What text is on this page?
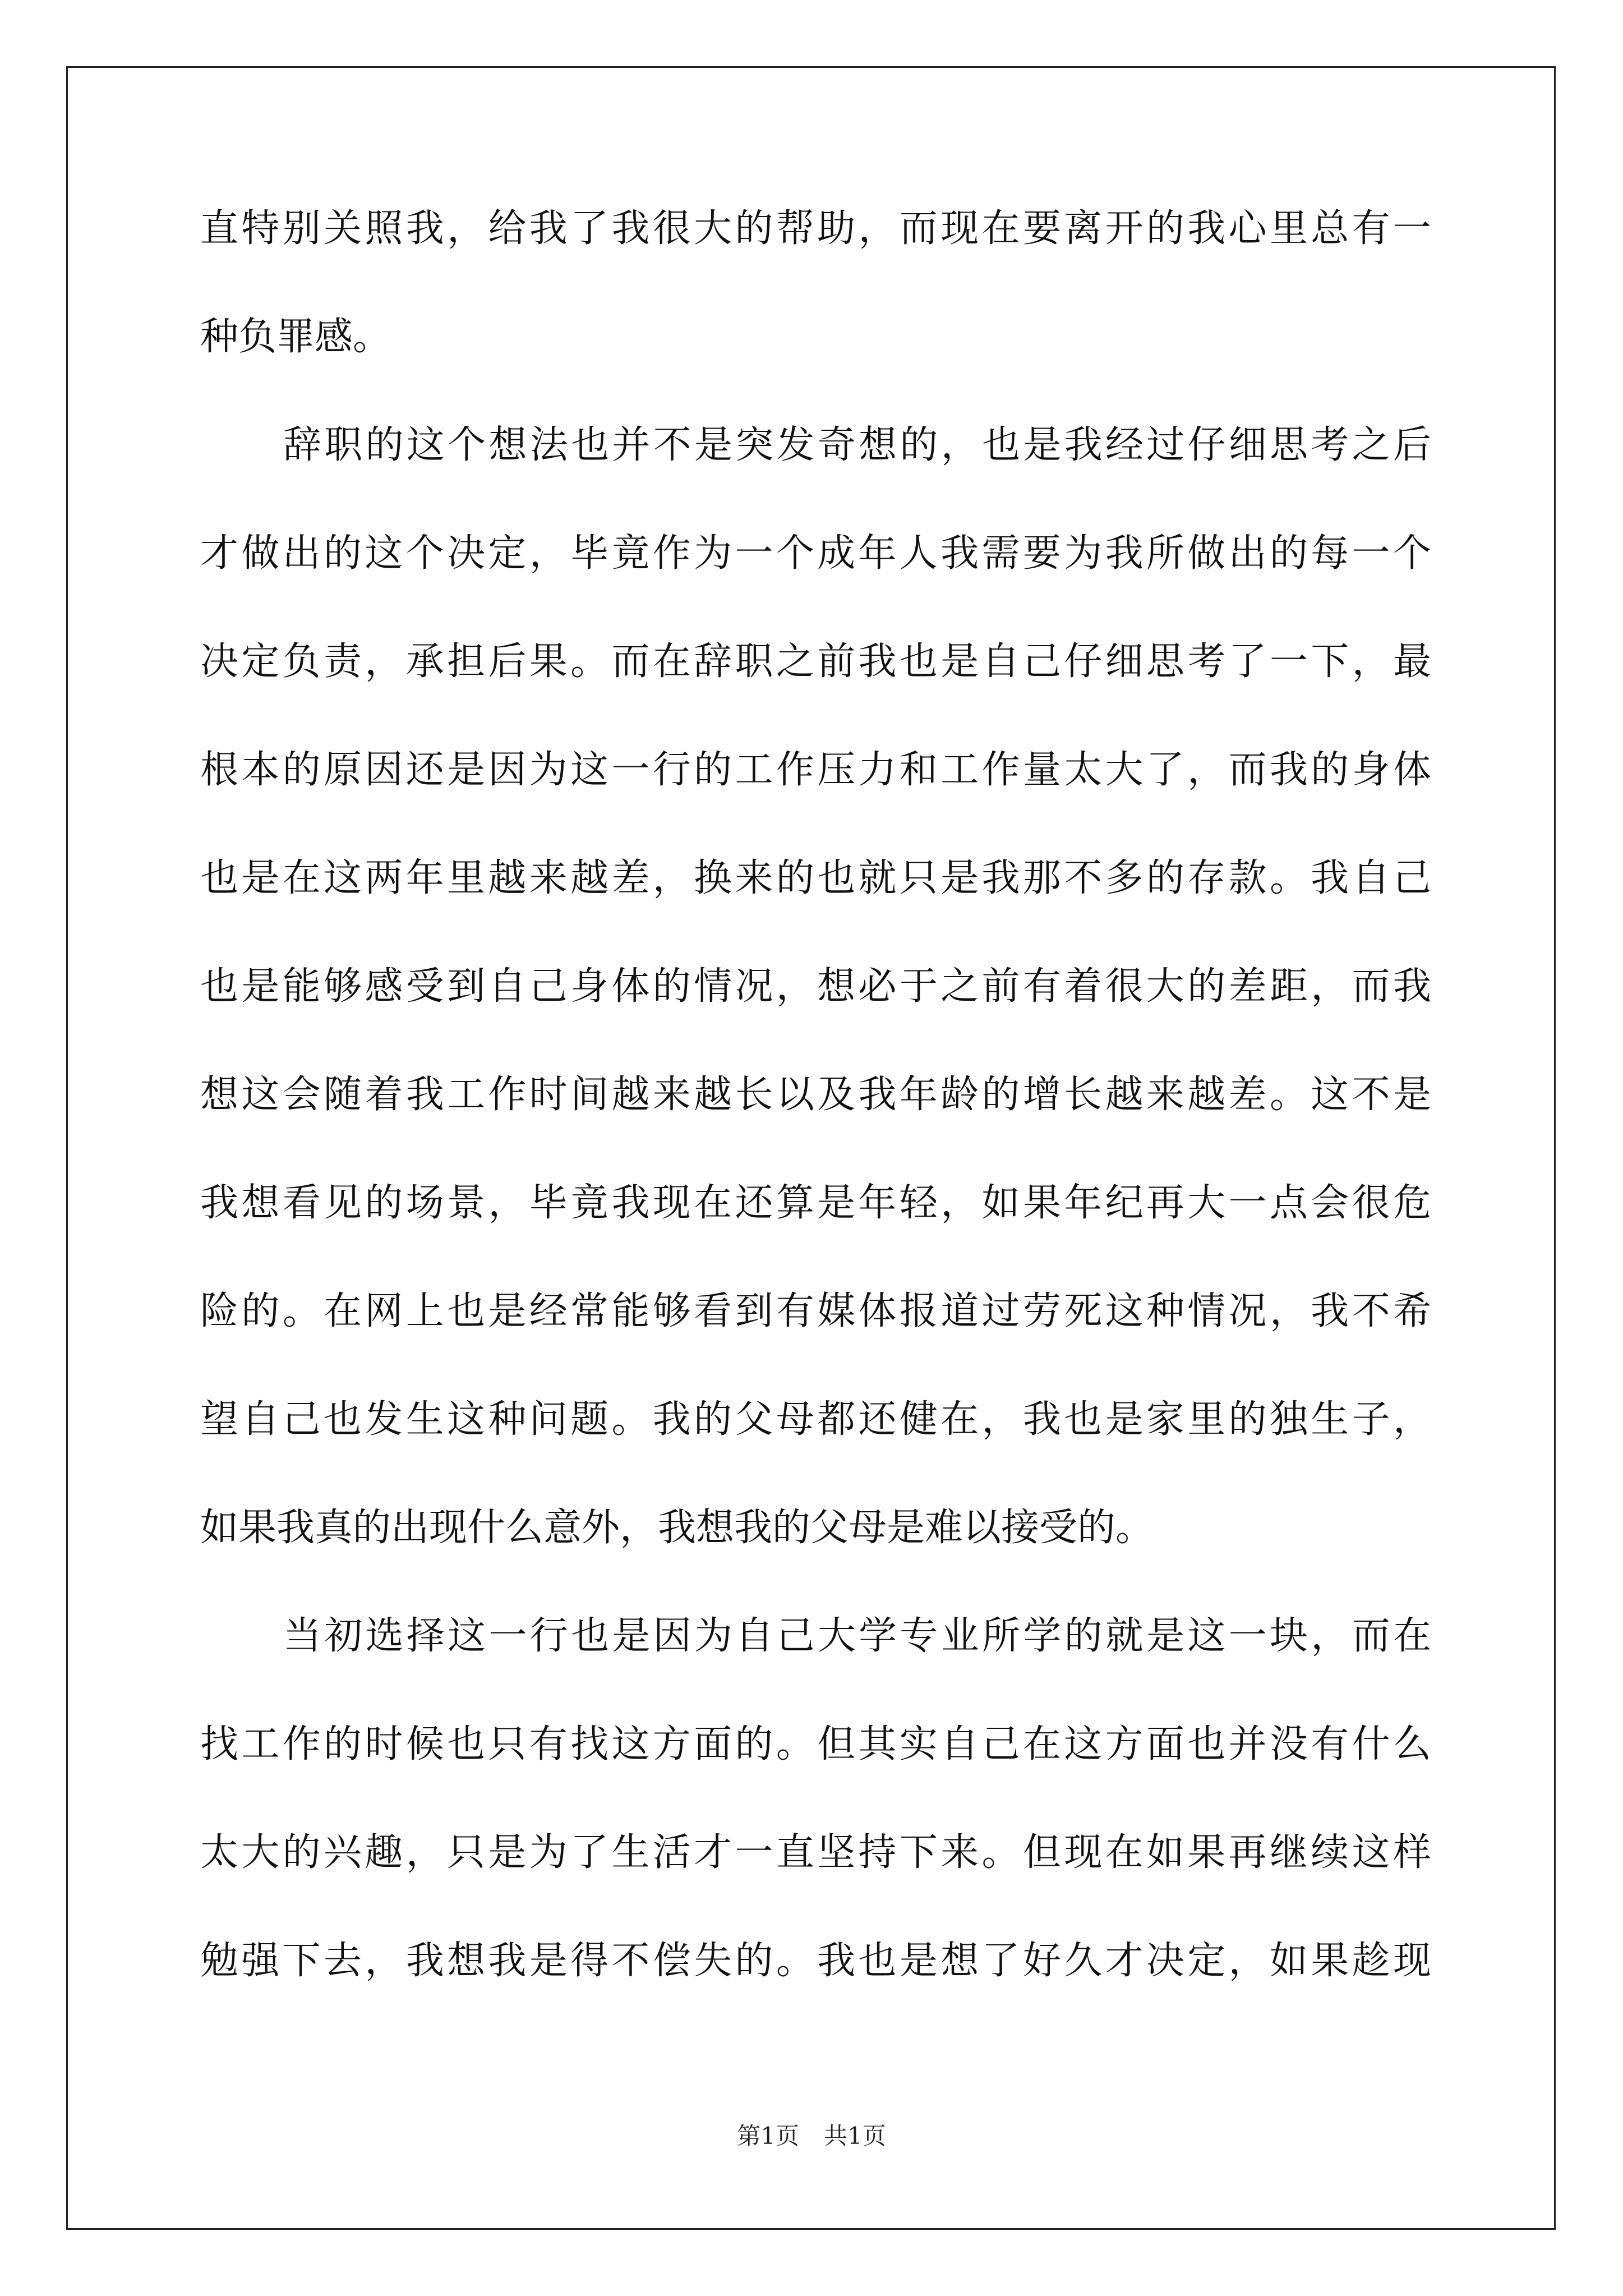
直特别关照我，给我了我很大的帮助，而现在要离开的我心里总有一
种负罪感。
辞职的这个想法也并不是突发奇想的，也是我经过仔细思考之后
才做出的这个决定，毕竟作为一个成年人我需要为我所做出的每一个
决定负责，承担后果。而在辞职之前我也是自己仔细思考了一下，最
根本的原因还是因为这一行的工作压力和工作量太大了，而我的身体
也是在这两年里越来越差，换来的也就只是我那不多的存款。我自己
也是能够感受到自己身体的情况，想必于之前有着很大的差距，而我
想这会随着我工作时间越来越长以及我年龄的增长越来越差。这不是
我想看见的场景，毕竟我现在还算是年轻，如果年纪再大一点会很危
险的。在网上也是经常能够看到有媒体报道过劳死这种情况，我不希
望自己也发生这种问题。我的父母都还健在，我也是家里的独生子，
如果我真的出现什么意外，我想我的父母是难以接受的。
当初选择这一行也是因为自己大学专业所学的就是这一块，而在
找工作的时候也只有找这方面的。但其实自己在这方面也并没有什么
太大的兴趣，只是为了生活才一直坚持下来。但现在如果再继续这样
勉强下去，我想我是得不偿失的。我也是想了好久才决定，如果趁现
第1页 共1页
